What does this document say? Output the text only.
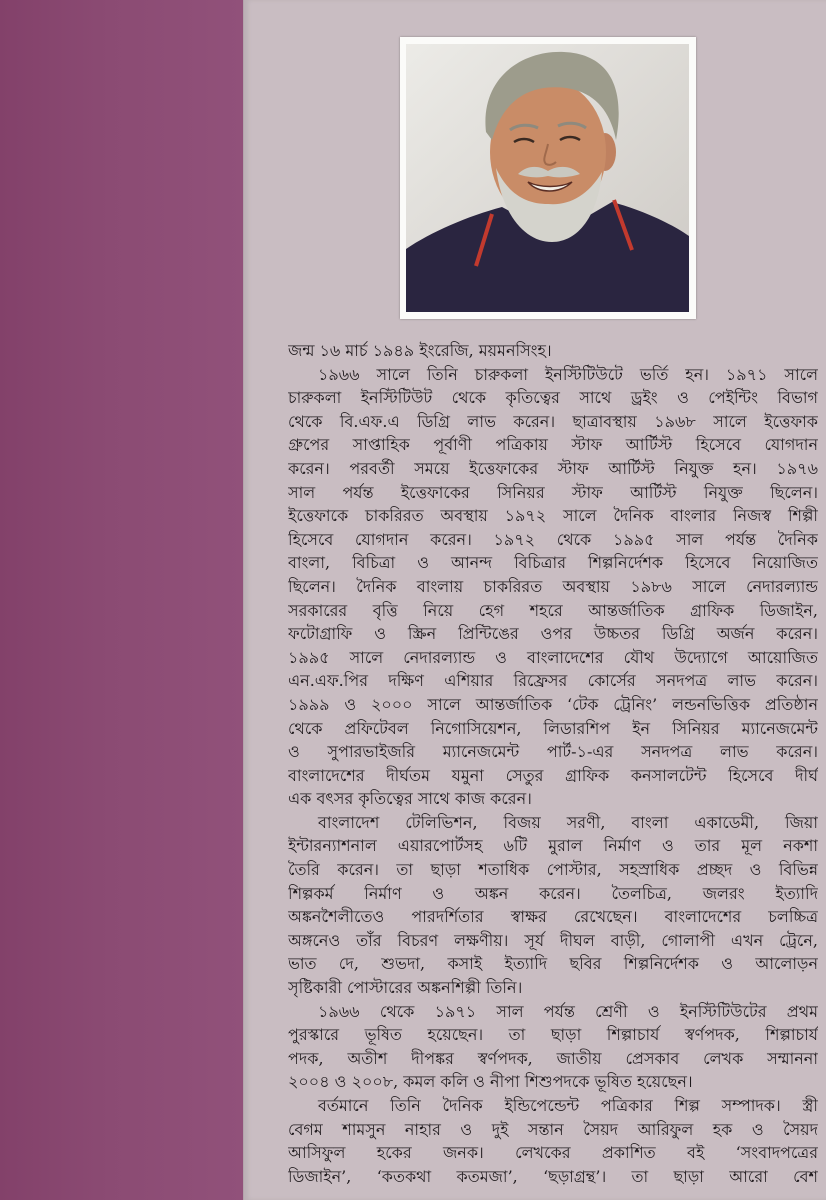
জন্ম ১৬ মার্চ ১৯৪৯ ইংরেজি, ময়মনসিংহ।
১৯৬৬ সালে তিনি চারুকলা ইনস্টিটিউটে ভর্তি হন। ১৯৭১ সালে
চারুকলা ইনস্টিটিউট থেকে কৃতিত্বের সাথে ড্রইং ও পেইন্টিং বিভাগ
থেকে বি.এফ.এ ডিগ্রি লাভ করেন। ছাত্রাবস্থায় ১৯৬৮ সালে ইত্তেফাক
গ্রুপের সাপ্তাহিক পূর্বাণী পত্রিকায় স্টাফ আর্টিস্ট হিসেবে যোগদান
করেন। পরবর্তী সময়ে ইত্তেফাকের স্টাফ আর্টিস্ট নিযুক্ত হন। ১৯৭৬
সাল পর্যন্ত ইত্তেফাকের সিনিয়র স্টাফ আর্টিস্ট নিযুক্ত ছিলেন।
ইত্তেফাকে চাকরিরত অবস্থায় ১৯৭২ সালে দৈনিক বাংলার নিজস্ব শিল্পী
হিসেবে যোগদান করেন। ১৯৭২ থেকে ১৯৯৫ সাল পর্যন্ত দৈনিক
বাংলা, বিচিত্রা ও আনন্দ বিচিত্রার শিল্পনির্দেশক হিসেবে নিয়োজিত
ছিলেন। দৈনিক বাংলায় চাকরিরত অবস্থায় ১৯৮৬ সালে নেদারল্যান্ড
সরকারের বৃত্তি নিয়ে হেগ শহরে আন্তর্জাতিক গ্রাফিক ডিজাইন,
ফটোগ্রাফি ও স্ক্রিন প্রিন্টিঙের ওপর উচ্চতর ডিগ্রি অর্জন করেন।
১৯৯৫ সালে নেদারল্যান্ড ও বাংলাদেশের যৌথ উদ্যোগে আয়োজিত
এন.এফ.পির দক্ষিণ এশিয়ার রিফ্রেসর কোর্সের সনদপত্র লাভ করেন।
১৯৯৯ ও ২০০০ সালে আন্তর্জাতিক ‘টেক ট্রেনিং’ লন্ডনভিত্তিক প্রতিষ্ঠান
থেকে প্রফিটেবল নিগোসিয়েশন, লিডারশিপ ইন সিনিয়র ম্যানেজমেন্ট
ও সুপারভাইজরি ম্যানেজমেন্ট পার্ট-১-এর সনদপত্র লাভ করেন।
বাংলাদেশের দীর্ঘতম যমুনা সেতুর গ্রাফিক কনসালটেন্ট হিসেবে দীর্ঘ
এক বৎসর কৃতিত্বের সাথে কাজ করেন।
বাংলাদেশ টেলিভিশন, বিজয় সরণী, বাংলা একাডেমী, জিয়া
ইন্টারন্যাশনাল এয়ারপোর্টসহ ৬টি মুরাল নির্মাণ ও তার মূল নকশা
তৈরি করেন। তা ছাড়া শতাধিক পোস্টার, সহস্রাধিক প্রচ্ছদ ও বিভিন্ন
শিল্পকর্ম নির্মাণ ও অঙ্কন করেন। তৈলচিত্র, জলরং ইত্যাদি
অঙ্কনশৈলীতেও পারদর্শিতার স্বাক্ষর রেখেছেন। বাংলাদেশের চলচ্চিত্র
অঙ্গনেও তাঁর বিচরণ লক্ষণীয়। সূর্য দীঘল বাড়ী, গোলাপী এখন ট্রেনে,
ভাত দে, শুভদা, কসাই ইত্যাদি ছবির শিল্পনির্দেশক ও আলোড়ন
সৃষ্টিকারী পোস্টারের অঙ্কনশিল্পী তিনি।
১৯৬৬ থেকে ১৯৭১ সাল পর্যন্ত শ্রেণী ও ইনস্টিটিউটের প্রথম
পুরস্কারে ভূষিত হয়েছেন। তা ছাড়া শিল্পাচার্য স্বর্ণপদক, শিল্পাচার্য
পদক, অতীশ দীপঙ্কর স্বর্ণপদক, জাতীয় প্রেসকাব লেখক সম্মাননা
২০০৪ ও ২০০৮, কমল কলি ও নীপা শিশুপদকে ভূষিত হয়েছেন।
বর্তমানে তিনি দৈনিক ইন্ডিপেন্ডেন্ট পত্রিকার শিল্প সম্পাদক। স্ত্রী
বেগম শামসুন নাহার ও দুই সন্তান সৈয়দ আরিফুল হক ও সৈয়দ
আসিফুল হকের জনক। লেখকের প্রকাশিত বই ‘সংবাদপত্রের
ডিজাইন’, ‘কতকথা কতমজা’, ‘ছড়াগ্রন্থ’। তা ছাড়া আরো বেশ
